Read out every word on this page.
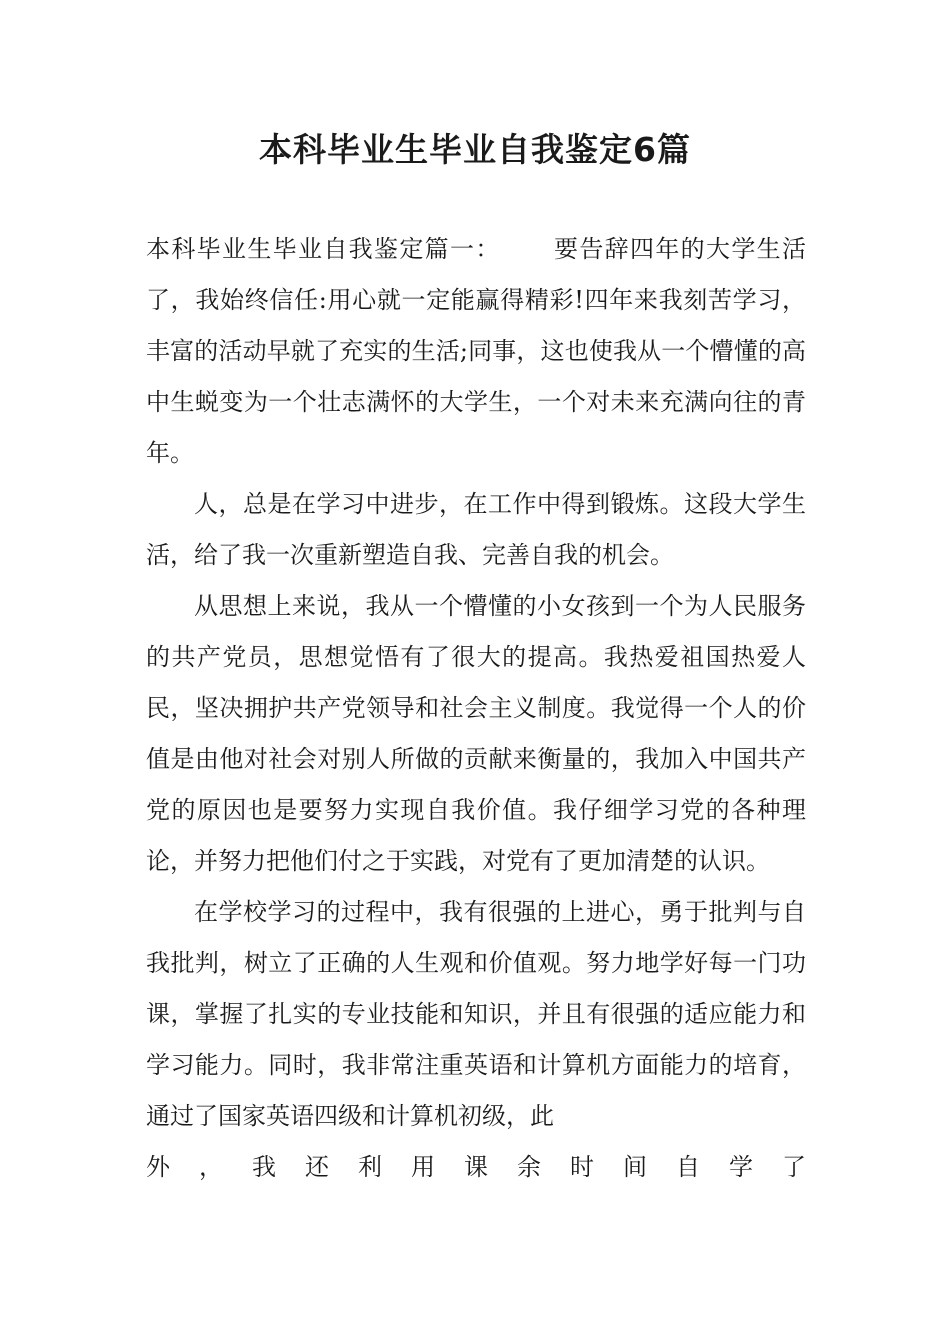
本科毕业生毕业自我鉴定6篇

本科毕业生毕业自我鉴定篇一： 要告辞四年的大学生活了，我始终信任:用心就一定能赢得精彩!四年来我刻苦学习，丰富的活动早就了充实的生活;同事，这也使我从一个懵懂的高中生蜕变为一个壮志满怀的大学生，一个对未来充满向往的青年。

人，总是在学习中进步，在工作中得到锻炼。这段大学生活，给了我一次重新塑造自我、完善自我的机会。

从思想上来说，我从一个懵懂的小女孩到一个为人民服务的共产党员，思想觉悟有了很大的提高。我热爱祖国热爱人民，坚决拥护共产党领导和社会主义制度。我觉得一个人的价值是由他对社会对别人所做的贡献来衡量的，我加入中国共产党的原因也是要努力实现自我价值。我仔细学习党的各种理论，并努力把他们付之于实践，对党有了更加清楚的认识。

在学校学习的过程中，我有很强的上进心，勇于批判与自我批判，树立了正确的人生观和价值观。努力地学好每一门功课，掌握了扎实的专业技能和知识，并且有很强的适应能力和学习能力。同时，我非常注重英语和计算机方面能力的培育，通过了国家英语四级和计算机初级，此

外 ， 我 还 利 用 课 余 时 间 自 学 了
